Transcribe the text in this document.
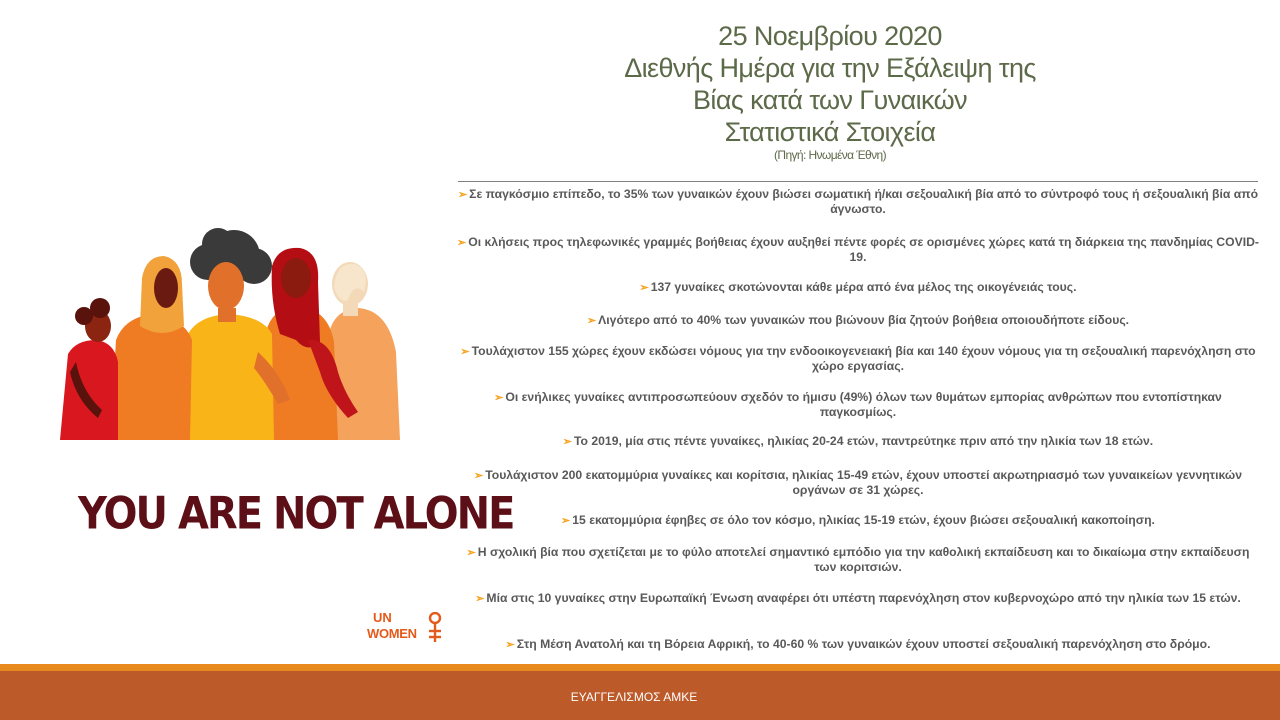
YOU ARE NOT ALONE
UN
WOMEN
25 Νοεμβρίου 2020
Διεθνής Ημέρα για την Εξάλειψη της
Βίας κατά των Γυναικών
Στατιστικά Στοιχεία
(Πηγή: Ηνωμένα Έθνη)
➢ Σε παγκόσμιο επίπεδο, το 35% των γυναικών έχουν βιώσει σωματική ή/και σεξουαλική βία από το σύντροφό τους ή σεξουαλική βία από άγνωστο.
➢ Οι κλήσεις προς τηλεφωνικές γραμμές βοήθειας έχουν αυξηθεί πέντε φορές σε ορισμένες χώρες κατά τη διάρκεια της πανδημίας COVID-19.
➢ 137 γυναίκες σκοτώνονται κάθε μέρα από ένα μέλος της οικογένειάς τους.
➢ Λιγότερο από το 40% των γυναικών που βιώνουν βία ζητούν βοήθεια οποιουδήποτε είδους.
➢ Τουλάχιστον 155 χώρες έχουν εκδώσει νόμους για την ενδοοικογενειακή βία και 140 έχουν νόμους για τη σεξουαλική παρενόχληση στο χώρο εργασίας.
➢ Οι ενήλικες γυναίκες αντιπροσωπεύουν σχεδόν το ήμισυ (49%) όλων των θυμάτων εμπορίας ανθρώπων που εντοπίστηκαν παγκοσμίως.
➢ Το 2019, μία στις πέντε γυναίκες, ηλικίας 20-24 ετών, παντρεύτηκε πριν από την ηλικία των 18 ετών.
➢ Τουλάχιστον 200 εκατομμύρια γυναίκες και κορίτσια, ηλικίας 15-49 ετών, έχουν υποστεί ακρωτηριασμό των γυναικείων γεννητικών οργάνων σε 31 χώρες.
➢ 15 εκατομμύρια έφηβες σε όλο τον κόσμο, ηλικίας 15-19 ετών, έχουν βιώσει σεξουαλική κακοποίηση.
➢ Η σχολική βία που σχετίζεται με το φύλο αποτελεί σημαντικό εμπόδιο για την καθολική εκπαίδευση και το δικαίωμα στην εκπαίδευση των κοριτσιών.
➢ Μία στις 10 γυναίκες στην Ευρωπαϊκή Ένωση αναφέρει ότι υπέστη παρενόχληση στον κυβερνοχώρο από την ηλικία των 15 ετών.
➢ Στη Μέση Ανατολή και τη Βόρεια Αφρική, το 40-60 % των γυναικών έχουν υποστεί σεξουαλική παρενόχληση στο δρόμο.
ΕΥΑΓΓΕΛΙΣΜΟΣ ΑΜΚΕ
